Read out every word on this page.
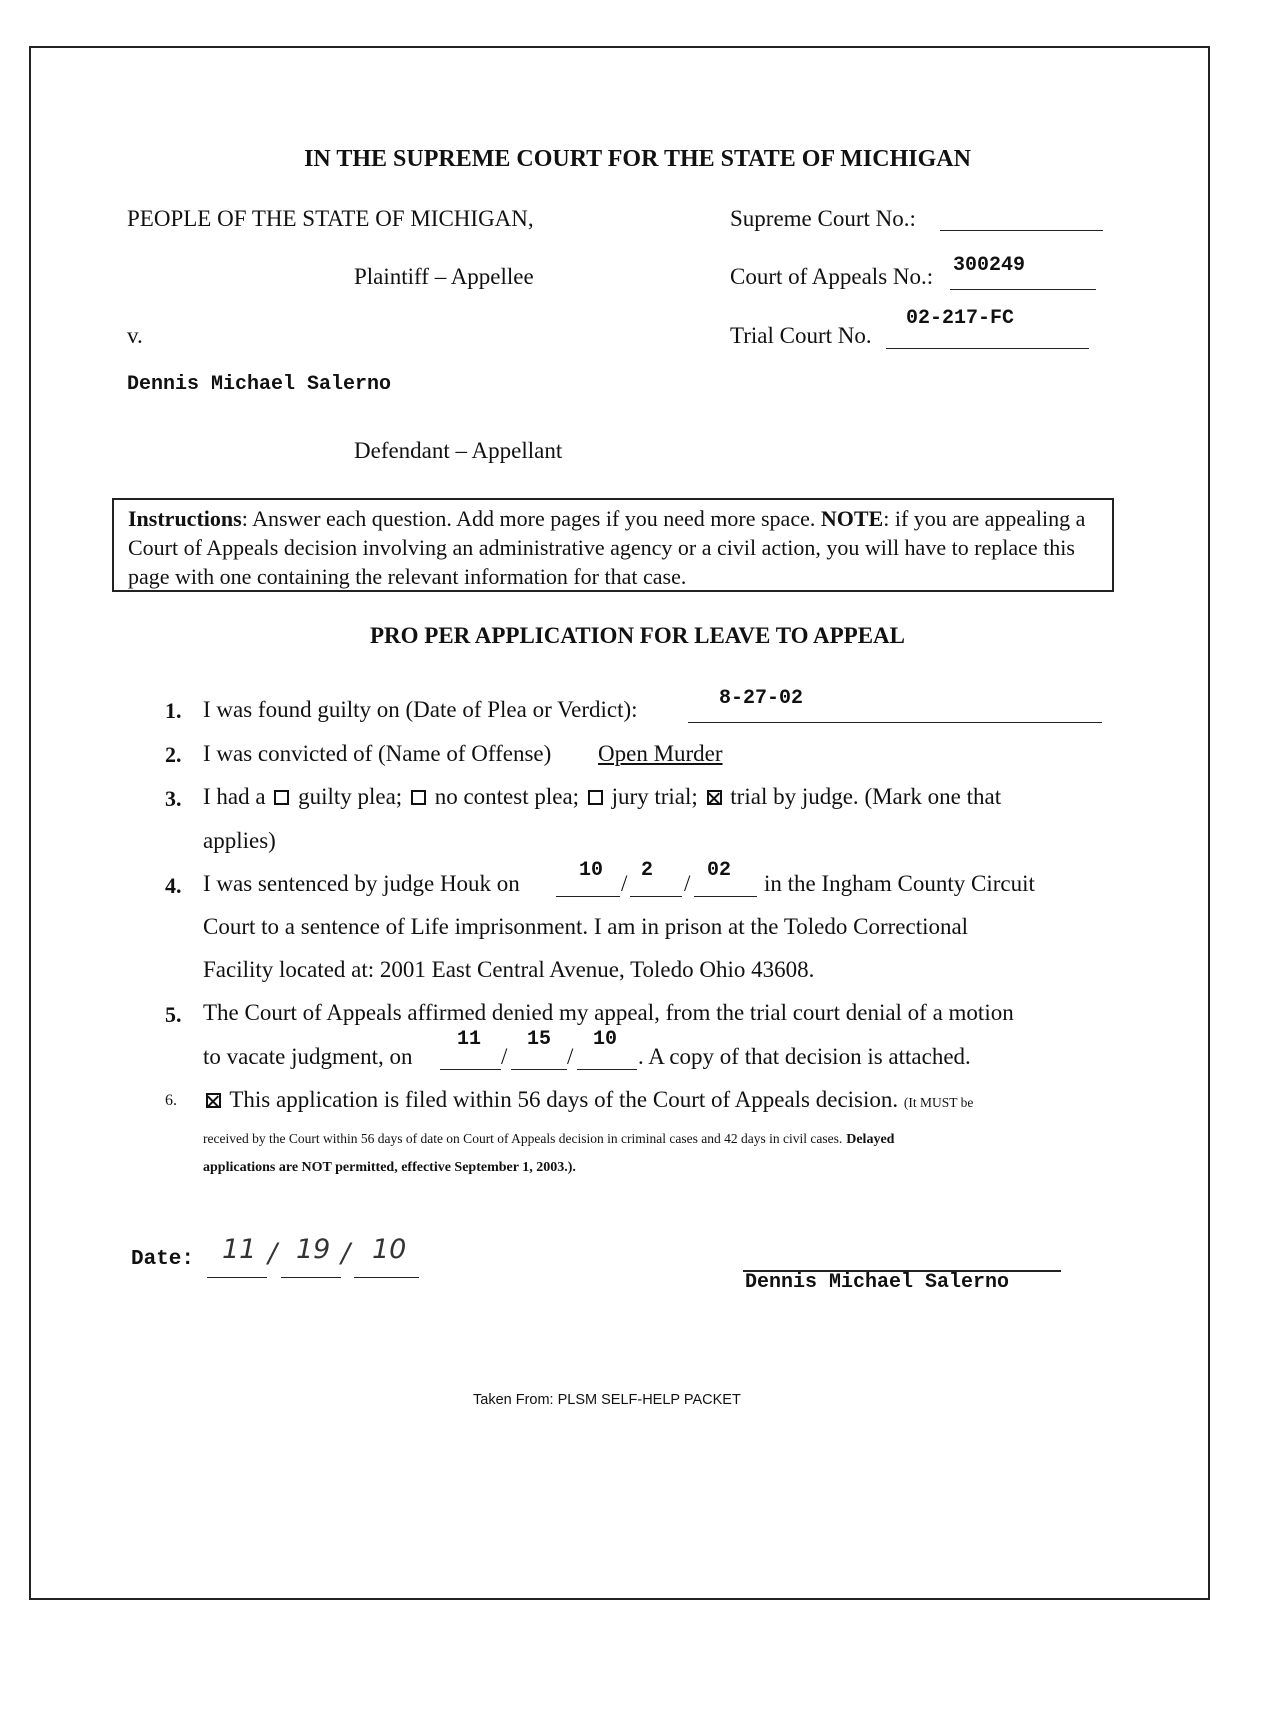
IN THE SUPREME COURT FOR THE STATE OF MICHIGAN
PEOPLE OF THE STATE OF MICHIGAN,
Plaintiff – Appellee
v.
Dennis Michael Salerno
Defendant – Appellant
Supreme Court No.:
Court of Appeals No.: 300249
Trial Court No.
02-217-FC
Instructions: Answer each question. Add more pages if you need more space. NOTE: if you are appealing a Court of Appeals decision involving an administrative agency or a civil action, you will have to replace this page with one containing the relevant information for that case.
PRO PER APPLICATION FOR LEAVE TO APPEAL
1. I was found guilty on (Date of Plea or Verdict):	8-27-02
2. I was convicted of (Name of Offense) Open Murder
3. I had a guilty plea; no contest plea; jury trial; trial by judge. (Mark one that
applies)
4. I was sentenced by judge Houk on	/ /
10 2	02
in the Ingham County Circuit
Court to a sentence of Life imprisonment. I am in prison at the Toledo Correctional
Facility located at: 2001 East Central Avenue, Toledo Ohio 43608.
5. The Court of Appeals affirmed denied my appeal, from the trial court denial of a motion
to vacate judgment, on	/	/
11 15 10
. A copy of that decision is attached.
6.	This application is filed within 56 days of the Court of Appeals decision. (It MUST be
received by the Court within 56 days of date on Court of Appeals decision in criminal cases and 42 days in civil cases. Delayed
applications are NOT permitted, effective September 1, 2003.).
Date: 11 / 19 / 10
Dennis Michael Salerno
Taken From: PLSM SELF-HELP PACKET
